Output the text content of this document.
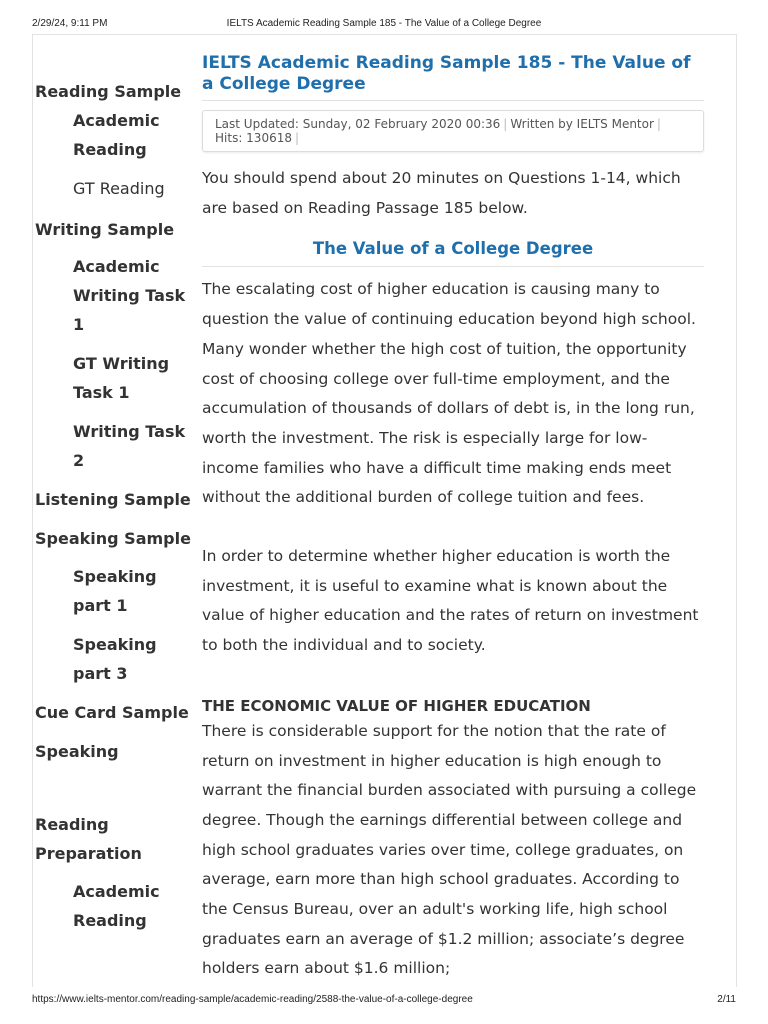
2/29/24, 9:11 PM	IELTS Academic Reading Sample 185 - The Value of a College Degree
Reading Sample
Academic Reading
GT Reading
Writing Sample
Academic Writing Task 1
GT Writing Task 1
Writing Task 2
Listening Sample
Speaking Sample
Speaking part 1
Speaking part 3
Cue Card Sample
Speaking
Reading Preparation
Academic Reading
IELTS Academic Reading Sample 185 - The Value of a College Degree
Last Updated: Sunday, 02 February 2020 00:36 | Written by IELTS Mentor |
Hits: 130618 |

You should spend about 20 minutes on Questions 1-14, which are based on Reading Passage 185 below.

The Value of a College Degree

The escalating cost of higher education is causing many to question the value of continuing education beyond high school. Many wonder whether the high cost of tuition, the opportunity cost of choosing college over full-time employment, and the accumulation of thousands of dollars of debt is, in the long run, worth the investment. The risk is especially large for low- income families who have a difficult time making ends meet without the additional burden of college tuition and fees.

In order to determine whether higher education is worth the investment, it is useful to examine what is known about the value of higher education and the rates of return on investment to both the individual and to society.

THE ECONOMIC VALUE OF HIGHER EDUCATION

There is considerable support for the notion that the rate of return on investment in higher education is high enough to warrant the financial burden associated with pursuing a college degree. Though the earnings differential between college and high school graduates varies over time, college graduates, on average, earn more than high school graduates. According to the Census Bureau, over an adult's working life, high school graduates earn an average of $1.2 million; associate’s degree holders earn about $1.6 million;

https://www.ielts-mentor.com/reading-sample/academic-reading/2588-the-value-of-a-college-degree	2/11
